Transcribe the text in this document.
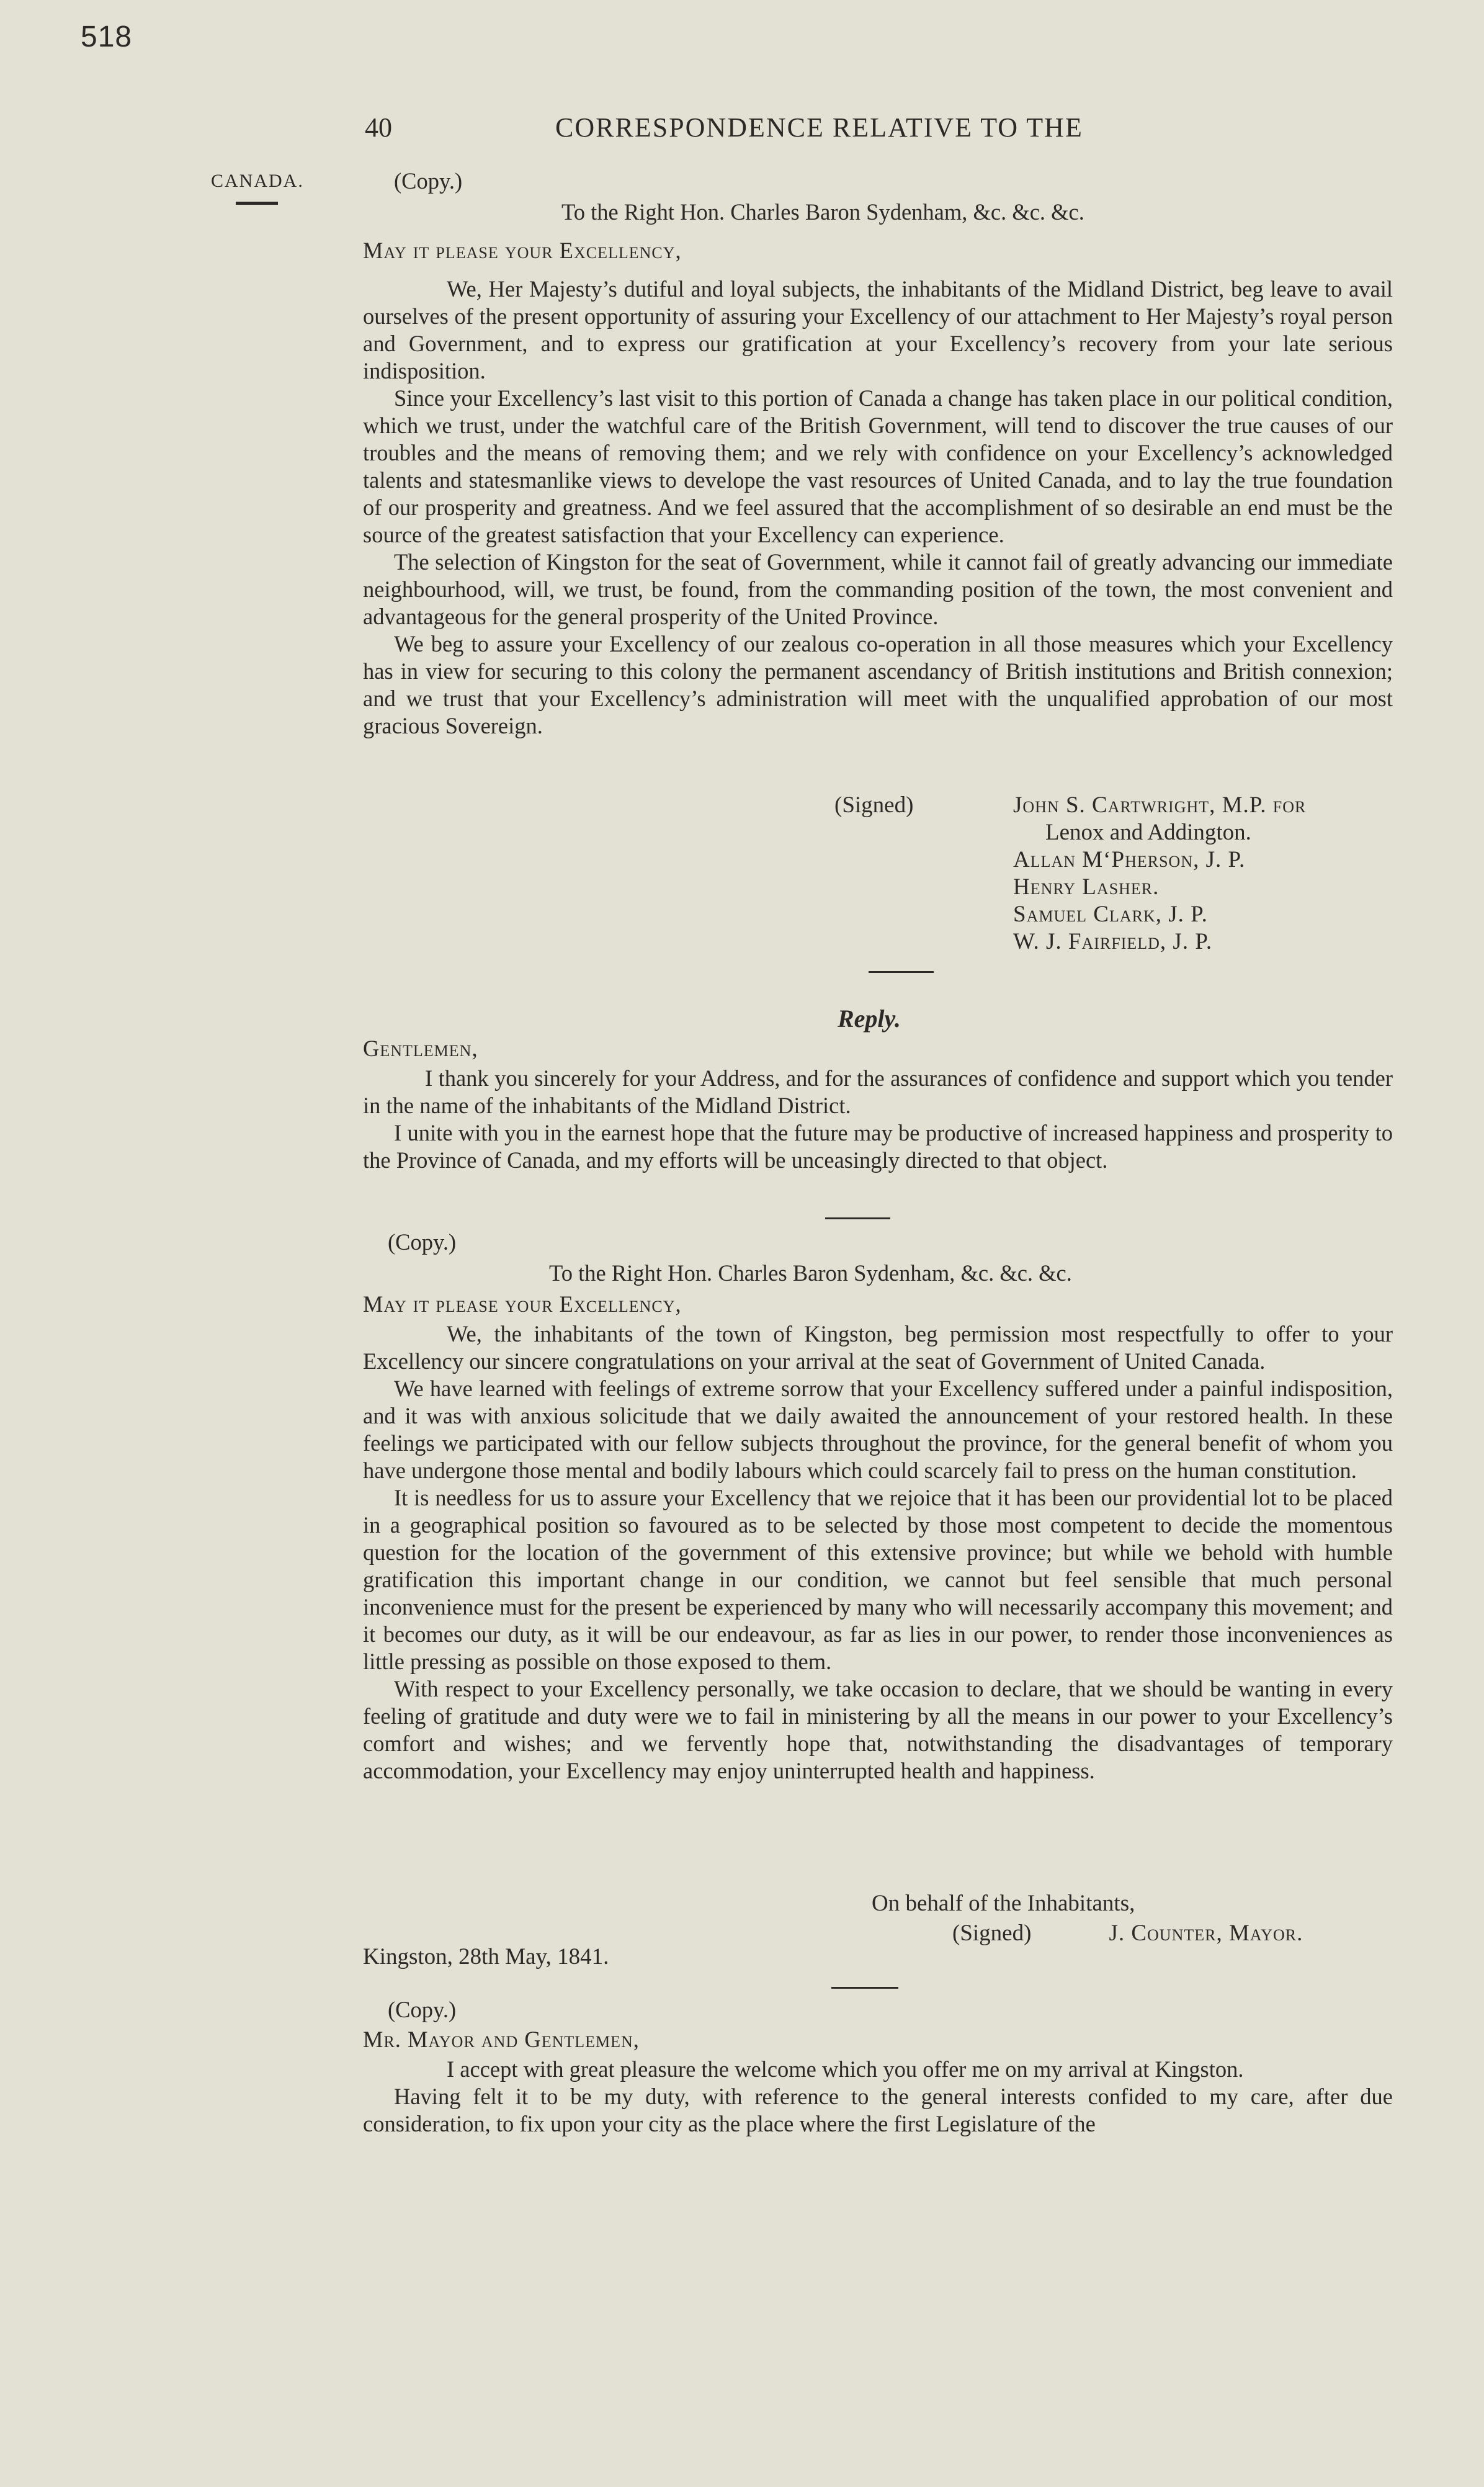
518
40	CORRESPONDENCE RELATIVE TO THE
CANADA.	(Copy.)

To the Right Hon. Charles Baron Sydenham, &c. &c. &c.

May it please your Excellency,

We, Her Majesty’s dutiful and loyal subjects, the inhabitants of the Midland District, beg leave to avail ourselves of the present opportunity of assuring your Excellency of our attachment to Her Majesty’s royal person and Government, and to express our gratification at your Excellency’s recovery from your late serious indisposition.

Since your Excellency’s last visit to this portion of Canada a change has taken place in our political condition, which we trust, under the watchful care of the British Government, will tend to discover the true causes of our troubles and the means of removing them; and we rely with confidence on your Excellency’s acknowledged talents and statesmanlike views to develope the vast resources of United Canada, and to lay the true foundation of our prosperity and greatness. And we feel assured that the accomplishment of so desirable an end must be the source of the greatest satisfaction that your Excellency can experience.

The selection of Kingston for the seat of Government, while it cannot fail of greatly advancing our immediate neighbourhood, will, we trust, be found, from the commanding position of the town, the most convenient and advantageous for the general prosperity of the United Province.

We beg to assure your Excellency of our zealous co-operation in all those measures which your Excellency has in view for securing to this colony the permanent ascendancy of British institutions and British connexion; and we trust that your Excellency’s administration will meet with the unqualified approbation of our most gracious Sovereign.

(Signed)	John S. Cartwright, M.P. for
Lenox and Addington.
Allan M‘Pherson, J. P.
Henry Lasher.
Samuel Clark, J. P.
W. J. Fairfield, J. P.
Reply.

Gentlemen,

I thank you sincerely for your Address, and for the assurances of confidence and support which you tender in the name of the inhabitants of the Midland District.

I unite with you in the earnest hope that the future may be productive of increased happiness and prosperity to the Province of Canada, and my efforts will be unceasingly directed to that object.

(Copy.)

To the Right Hon. Charles Baron Sydenham, &c. &c. &c.

May it please your Excellency,

We, the inhabitants of the town of Kingston, beg permission most respectfully to offer to your Excellency our sincere congratulations on your arrival at the seat of Government of United Canada.

We have learned with feelings of extreme sorrow that your Excellency suffered under a painful indisposition, and it was with anxious solicitude that we daily awaited the announcement of your restored health. In these feelings we participated with our fellow subjects throughout the province, for the general benefit of whom you have undergone those mental and bodily labours which could scarcely fail to press on the human constitution.

It is needless for us to assure your Excellency that we rejoice that it has been our providential lot to be placed in a geographical position so favoured as to be selected by those most competent to decide the momentous question for the location of the government of this extensive province; but while we behold with humble gratification this important change in our condition, we cannot but feel sensible that much personal inconvenience must for the present be experienced by many who will necessarily accompany this movement; and it becomes our duty, as it will be our endeavour, as far as lies in our power, to render those inconveniences as little pressing as possible on those exposed to them.

With respect to your Excellency personally, we take occasion to declare, that we should be wanting in every feeling of gratitude and duty were we to fail in ministering by all the means in our power to your Excellency’s comfort and wishes; and we fervently hope that, notwithstanding the disadvantages of temporary accommodation, your Excellency may enjoy uninterrupted health and happiness.

On behalf of the Inhabitants,
(Signed)	J. Counter, Mayor.
Kingston, 28th May, 1841.

(Copy.)

Mr. Mayor and Gentlemen,

I accept with great pleasure the welcome which you offer me on my arrival at Kingston.

Having felt it to be my duty, with reference to the general interests confided to my care, after due consideration, to fix upon your city as the place where the first Legislature of the
